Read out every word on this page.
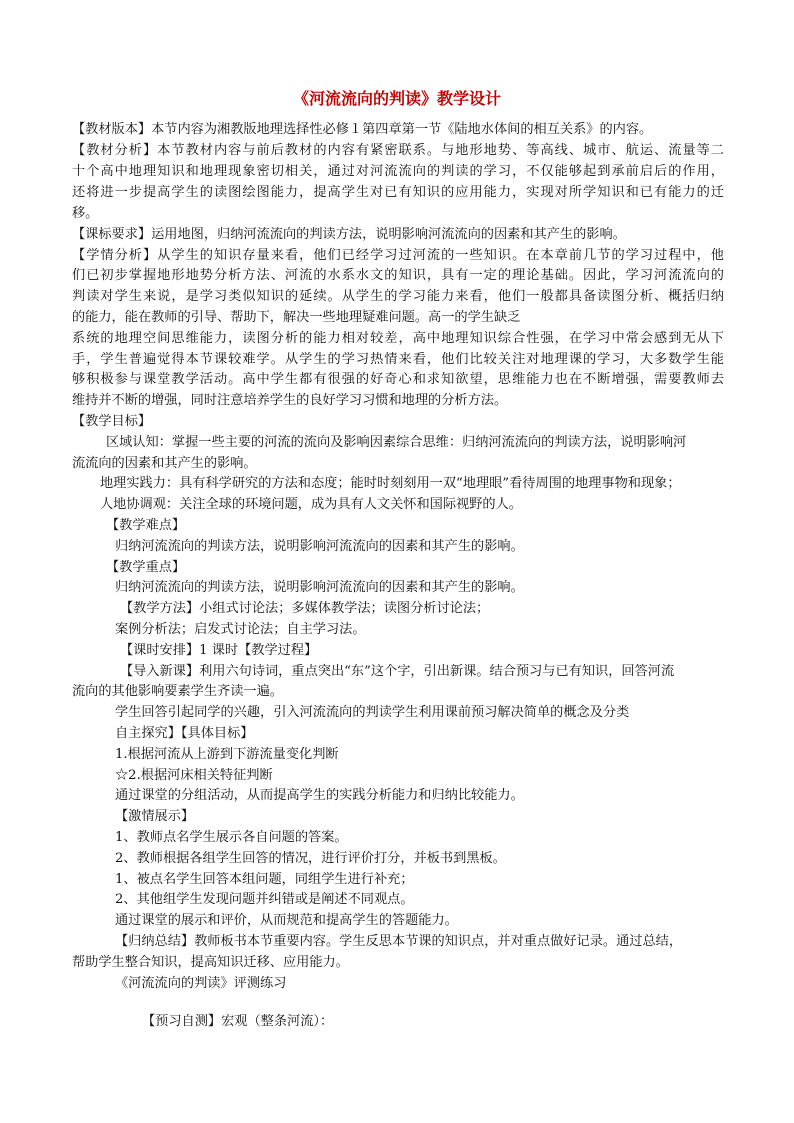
《河流流向的判读》教学设计
【教材版本】本节内容为湘教版地理选择性必修１第四章第一节《陆地水体间的相互关系》的内容。
【教材分析】本节教材内容与前后教材的内容有紧密联系。与地形地势、等高线、城市、航运、流量等二
十个高中地理知识和地理现象密切相关，通过对河流流向的判读的学习，不仅能够起到承前启后的作用，
还将进一步提高学生的读图绘图能力，提高学生对已有知识的应用能力，实现对所学知识和已有能力的迁
移。
【课标要求】运用地图，归纳河流流向的判读方法，说明影响河流流向的因素和其产生的影响。
【学情分析】从学生的知识存量来看，他们已经学习过河流的一些知识。在本章前几节的学习过程中，他
们已初步掌握地形地势分析方法、河流的水系水文的知识，具有一定的理论基础。因此，学习河流流向的
判读对学生来说，是学习类似知识的延续。从学生的学习能力来看，他们一般都具备读图分析、概括归纳
的能力，能在教师的引导、帮助下，解决一些地理疑难问题。高一的学生缺乏
系统的地理空间思维能力，读图分析的能力相对较差，高中地理知识综合性强，在学习中常会感到无从下
手，学生普遍觉得本节课较难学。从学生的学习热情来看，他们比较关注对地理课的学习，大多数学生能
够积极参与课堂教学活动。高中学生都有很强的好奇心和求知欲望，思维能力也在不断增强，需要教师去
维持并不断的增强，同时注意培养学生的良好学习习惯和地理的分析方法。
【教学目标】
区域认知：掌握一些主要的河流的流向及影响因素综合思维：归纳河流流向的判读方法，说明影响河
流流向的因素和其产生的影响。
地理实践力：具有科学研究的方法和态度；能时时刻刻用一双“地理眼”看待周围的地理事物和现象；
人地协调观：关注全球的环境问题，成为具有人文关怀和国际视野的人。
【教学难点】
归纳河流流向的判读方法，说明影响河流流向的因素和其产生的影响。
【教学重点】
归纳河流流向的判读方法，说明影响河流流向的因素和其产生的影响。
【教学方法】小组式讨论法；多媒体教学法；读图分析讨论法；
案例分析法；启发式讨论法；自主学习法。
【课时安排】1 课时【教学过程】
【导入新课】利用六句诗词，重点突出“东”这个字，引出新课。结合预习与已有知识，回答河流
流向的其他影响要素学生齐读一遍。
学生回答引起同学的兴趣，引入河流流向的判读学生利用课前预习解决简单的概念及分类
自主探究】【具体目标】
1.根据河流从上游到下游流量变化判断
☆2.根据河床相关特征判断
通过课堂的分组活动，从而提高学生的实践分析能力和归纳比较能力。
【激情展示】
1、教师点名学生展示各自问题的答案。
2、教师根据各组学生回答的情况，进行评价打分，并板书到黑板。
1、被点名学生回答本组问题，同组学生进行补充；
2、其他组学生发现问题并纠错或是阐述不同观点。
通过课堂的展示和评价，从而规范和提高学生的答题能力。
【归纳总结】教师板书本节重要内容。学生反思本节课的知识点，并对重点做好记录。通过总结，
帮助学生整合知识，提高知识迁移、应用能力。
《河流流向的判读》评测练习
【预习自测】宏观（整条河流）：
